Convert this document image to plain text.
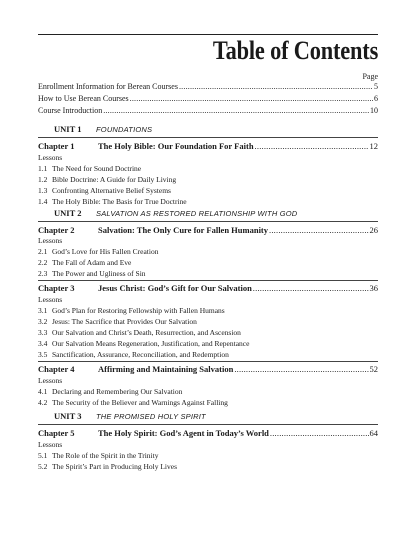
Table of Contents
Page
Enrollment Information for Berean Courses .....	5
How to Use Berean Courses .....	6
Course Introduction .....	10
UNIT 1 FOUNDATIONS
Chapter 1	The Holy Bible: Our Foundation For Faith .....	12
Lessons
1.1 The Need for Sound Doctrine
1.2 Bible Doctrine: A Guide for Daily Living
1.3 Confronting Alternative Belief Systems
1.4 The Holy Bible: The Basis for True Doctrine
UNIT 2 SALVATION AS RESTORED RELATIONSHIP WITH GOD
Chapter 2	Salvation: The Only Cure for Fallen Humanity .....	26
Lessons
2.1 God’s Love for His Fallen Creation
2.2 The Fall of Adam and Eve
2.3 The Power and Ugliness of Sin
Chapter 3	Jesus Christ: God’s Gift for Our Salvation .....	36
Lessons
3.1 God’s Plan for Restoring Fellowship with Fallen Humans
3.2 Jesus: The Sacrifice that Provides Our Salvation
3.3 Our Salvation and Christ’s Death, Resurrection, and Ascension
3.4 Our Salvation Means Regeneration, Justification, and Repentance
3.5 Sanctification, Assurance, Reconciliation, and Redemption
Chapter 4	Affirming and Maintaining Salvation .....	52
Lessons
4.1 Declaring and Remembering Our Salvation
4.2 The Security of the Believer and Warnings Against Falling
UNIT 3 THE PROMISED HOLY SPIRIT
Chapter 5	The Holy Spirit: God’s Agent in Today’s World .....	64
Lessons
5.1 The Role of the Spirit in the Trinity
5.2 The Spirit’s Part in Producing Holy Lives
